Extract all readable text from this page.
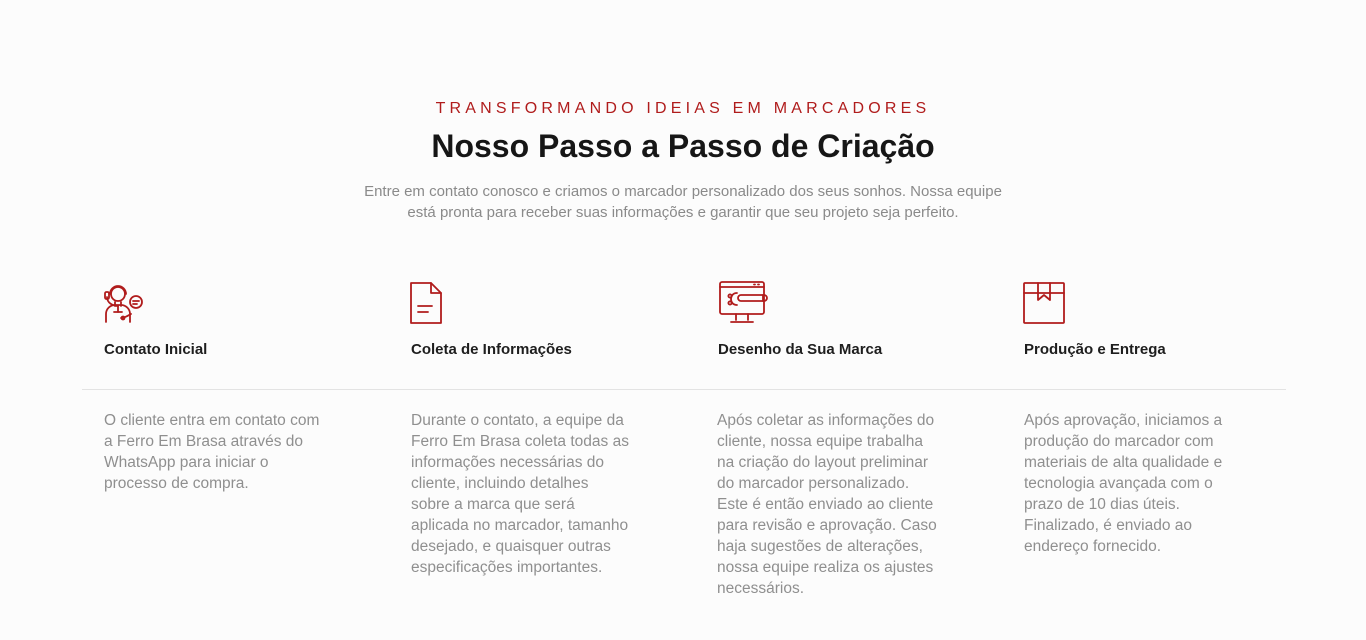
TRANSFORMANDO IDEIAS EM MARCADORES
Nosso Passo a Passo de Criação

Entre em contato conosco e criamos o marcador personalizado dos seus sonhos. Nossa equipe
está pronta para receber suas informações e garantir que seu projeto seja perfeito.

Contato Inicial

O cliente entra em contato com
a Ferro Em Brasa através do
WhatsApp para iniciar o
processo de compra.

Coleta de Informações

Durante o contato, a equipe da
Ferro Em Brasa coleta todas as
informações necessárias do
cliente, incluindo detalhes
sobre a marca que será
aplicada no marcador, tamanho
desejado, e quaisquer outras
especificações importantes.

Desenho da Sua Marca

Após coletar as informações do
cliente, nossa equipe trabalha
na criação do layout preliminar
do marcador personalizado.
Este é então enviado ao cliente
para revisão e aprovação. Caso
haja sugestões de alterações,
nossa equipe realiza os ajustes
necessários.

Produção e Entrega

Após aprovação, iniciamos a
produção do marcador com
materiais de alta qualidade e
tecnologia avançada com o
prazo de 10 dias úteis.
Finalizado, é enviado ao
endereço fornecido.
